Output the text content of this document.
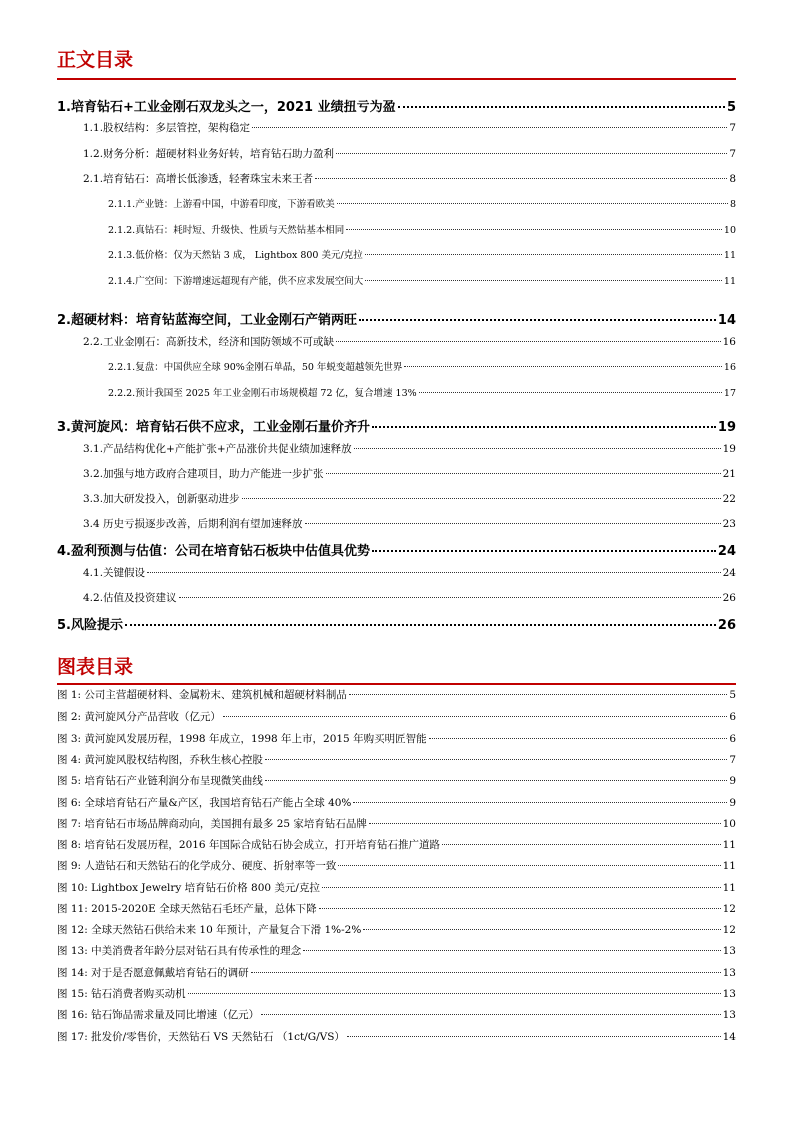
正文目录
1.培育钻石+工业金刚石双龙头之一，2021 业绩扭亏为盈	5
1.1.股权结构：多层管控，架构稳定	7
1.2.财务分析：超硬材料业务好转，培育钻石助力盈利	7
2.1.培育钻石：高增长低渗透，轻奢珠宝未来王者	8
2.1.1.产业链：上游看中国，中游看印度，下游看欧美	8
2.1.2.真钻石：耗时短、升级快、性质与天然钻基本相同	10
2.1.3.低价格：仅为天然钻 3 成， Lightbox 800 美元/克拉	11
2.1.4.广空间：下游增速远超现有产能，供不应求发展空间大	11
2.超硬材料：培育钻蓝海空间，工业金刚石产销两旺	14
2.2.工业金刚石：高新技术，经济和国防领域不可或缺	16
2.2.1.复盘：中国供应全球 90%金刚石单晶，50 年蜕变超越领先世界	16
2.2.2.预计我国至 2025 年工业金刚石市场规模超 72 亿，复合增速 13%	17
3.黄河旋风：培育钻石供不应求，工业金刚石量价齐升	19
3.1.产品结构优化+产能扩张+产品涨价共促业绩加速释放	19
3.2.加强与地方政府合建项目，助力产能进一步扩张	21
3.3.加大研发投入，创新驱动进步	22
3.4 历史亏损逐步改善，后期利润有望加速释放	23
4.盈利预测与估值：公司在培育钻石板块中估值具优势	24
4.1.关键假设	24
4.2.估值及投资建议	26
5.风险提示	26
图表目录
图 1: 公司主营超硬材料、金属粉末、建筑机械和超硬材料制品	5
图 2: 黄河旋风分产品营收（亿元）	6
图 3: 黄河旋风发展历程，1998 年成立，1998 年上市，2015 年购买明匠智能	6
图 4: 黄河旋风股权结构图，乔秋生核心控股	7
图 5: 培育钻石产业链利润分布呈现微笑曲线	9
图 6: 全球培育钻石产量&产区，我国培育钻石产能占全球 40%	9
图 7: 培育钻石市场品牌商动向，美国拥有最多 25 家培育钻石品牌	10
图 8: 培育钻石发展历程，2016 年国际合成钻石协会成立，打开培育钻石推广道路	11
图 9: 人造钻石和天然钻石的化学成分、硬度、折射率等一致	11
图 10: Lightbox Jewelry 培育钻石价格 800 美元/克拉	11
图 11: 2015-2020E 全球天然钻石毛坯产量，总体下降	12
图 12: 全球天然钻石供给未来 10 年预计，产量复合下滑 1%-2%	12
图 13: 中美消费者年龄分层对钻石具有传承性的理念	13
图 14: 对于是否愿意佩戴培育钻石的调研	13
图 15: 钻石消费者购买动机	13
图 16: 钻石饰品需求量及同比增速（亿元）	13
图 17: 批发价/零售价，天然钻石 VS 天然钻石 （1ct/G/VS）	14
